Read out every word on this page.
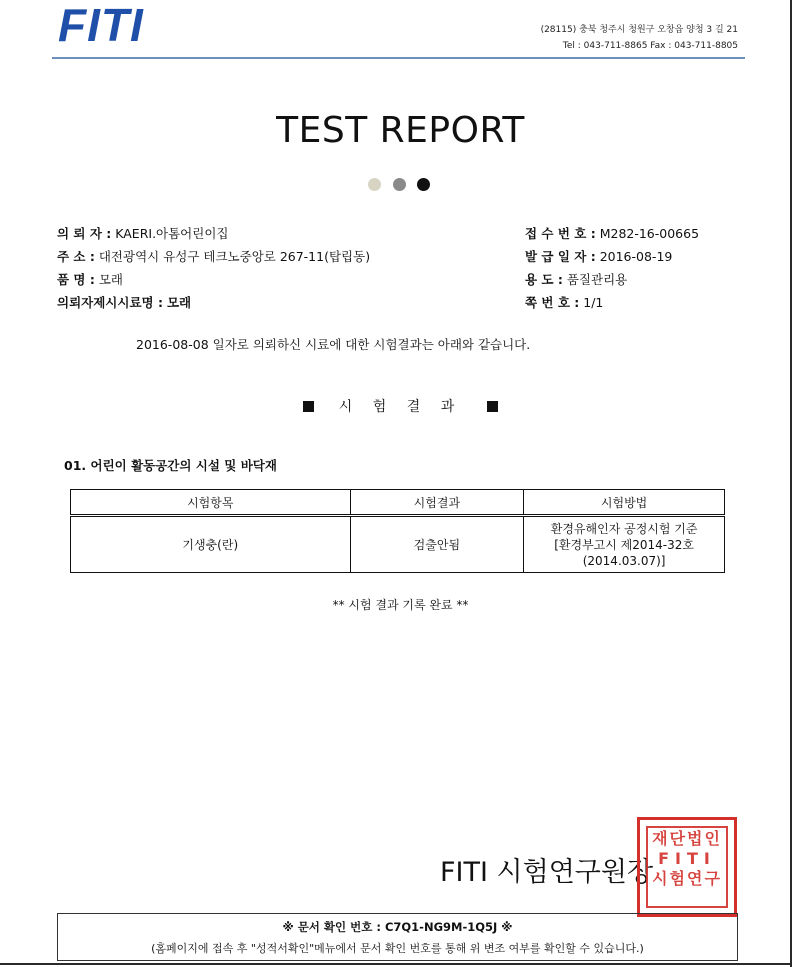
FITI	(28115) 충북 청주시 청원구 오창읍 양청 3 길 21
Tel : 043-711-8865 Fax : 043-711-8805
TEST REPORT
의 뢰 자 : KAERI.아톰어린이집
주 소 : 대전광역시 유성구 테크노중앙로 267-11(탑립동)
품 명 : 모래
의뢰자제시시료명 : 모래
접 수 번 호 : M282-16-00665
발 급 일 자 : 2016-08-19
용 도 : 품질관리용
쪽 번 호 : 1/1
2016-08-08 일자로 의뢰하신 시료에 대한 시험결과는 아래와 같습니다.
시 험 결 과
01. 어린이 활동공간의 시설 및 바닥재
시험항목	시험결과	시험방법
기생충(란)	검출안됨	환경유해인자 공정시험 기준
[환경부고시 제2014-32호
(2014.03.07)]
** 시험 결과 기록 완료 **
FITI 시험연구원장
재단법인
FITI
시험연구
※ 문서 확인 번호 : C7Q1-NG9M-1Q5J ※
(홈페이지에 접속 후 "성적서확인"메뉴에서 문서 확인 번호를 통해 위 변조 여부를 확인할 수 있습니다.)
